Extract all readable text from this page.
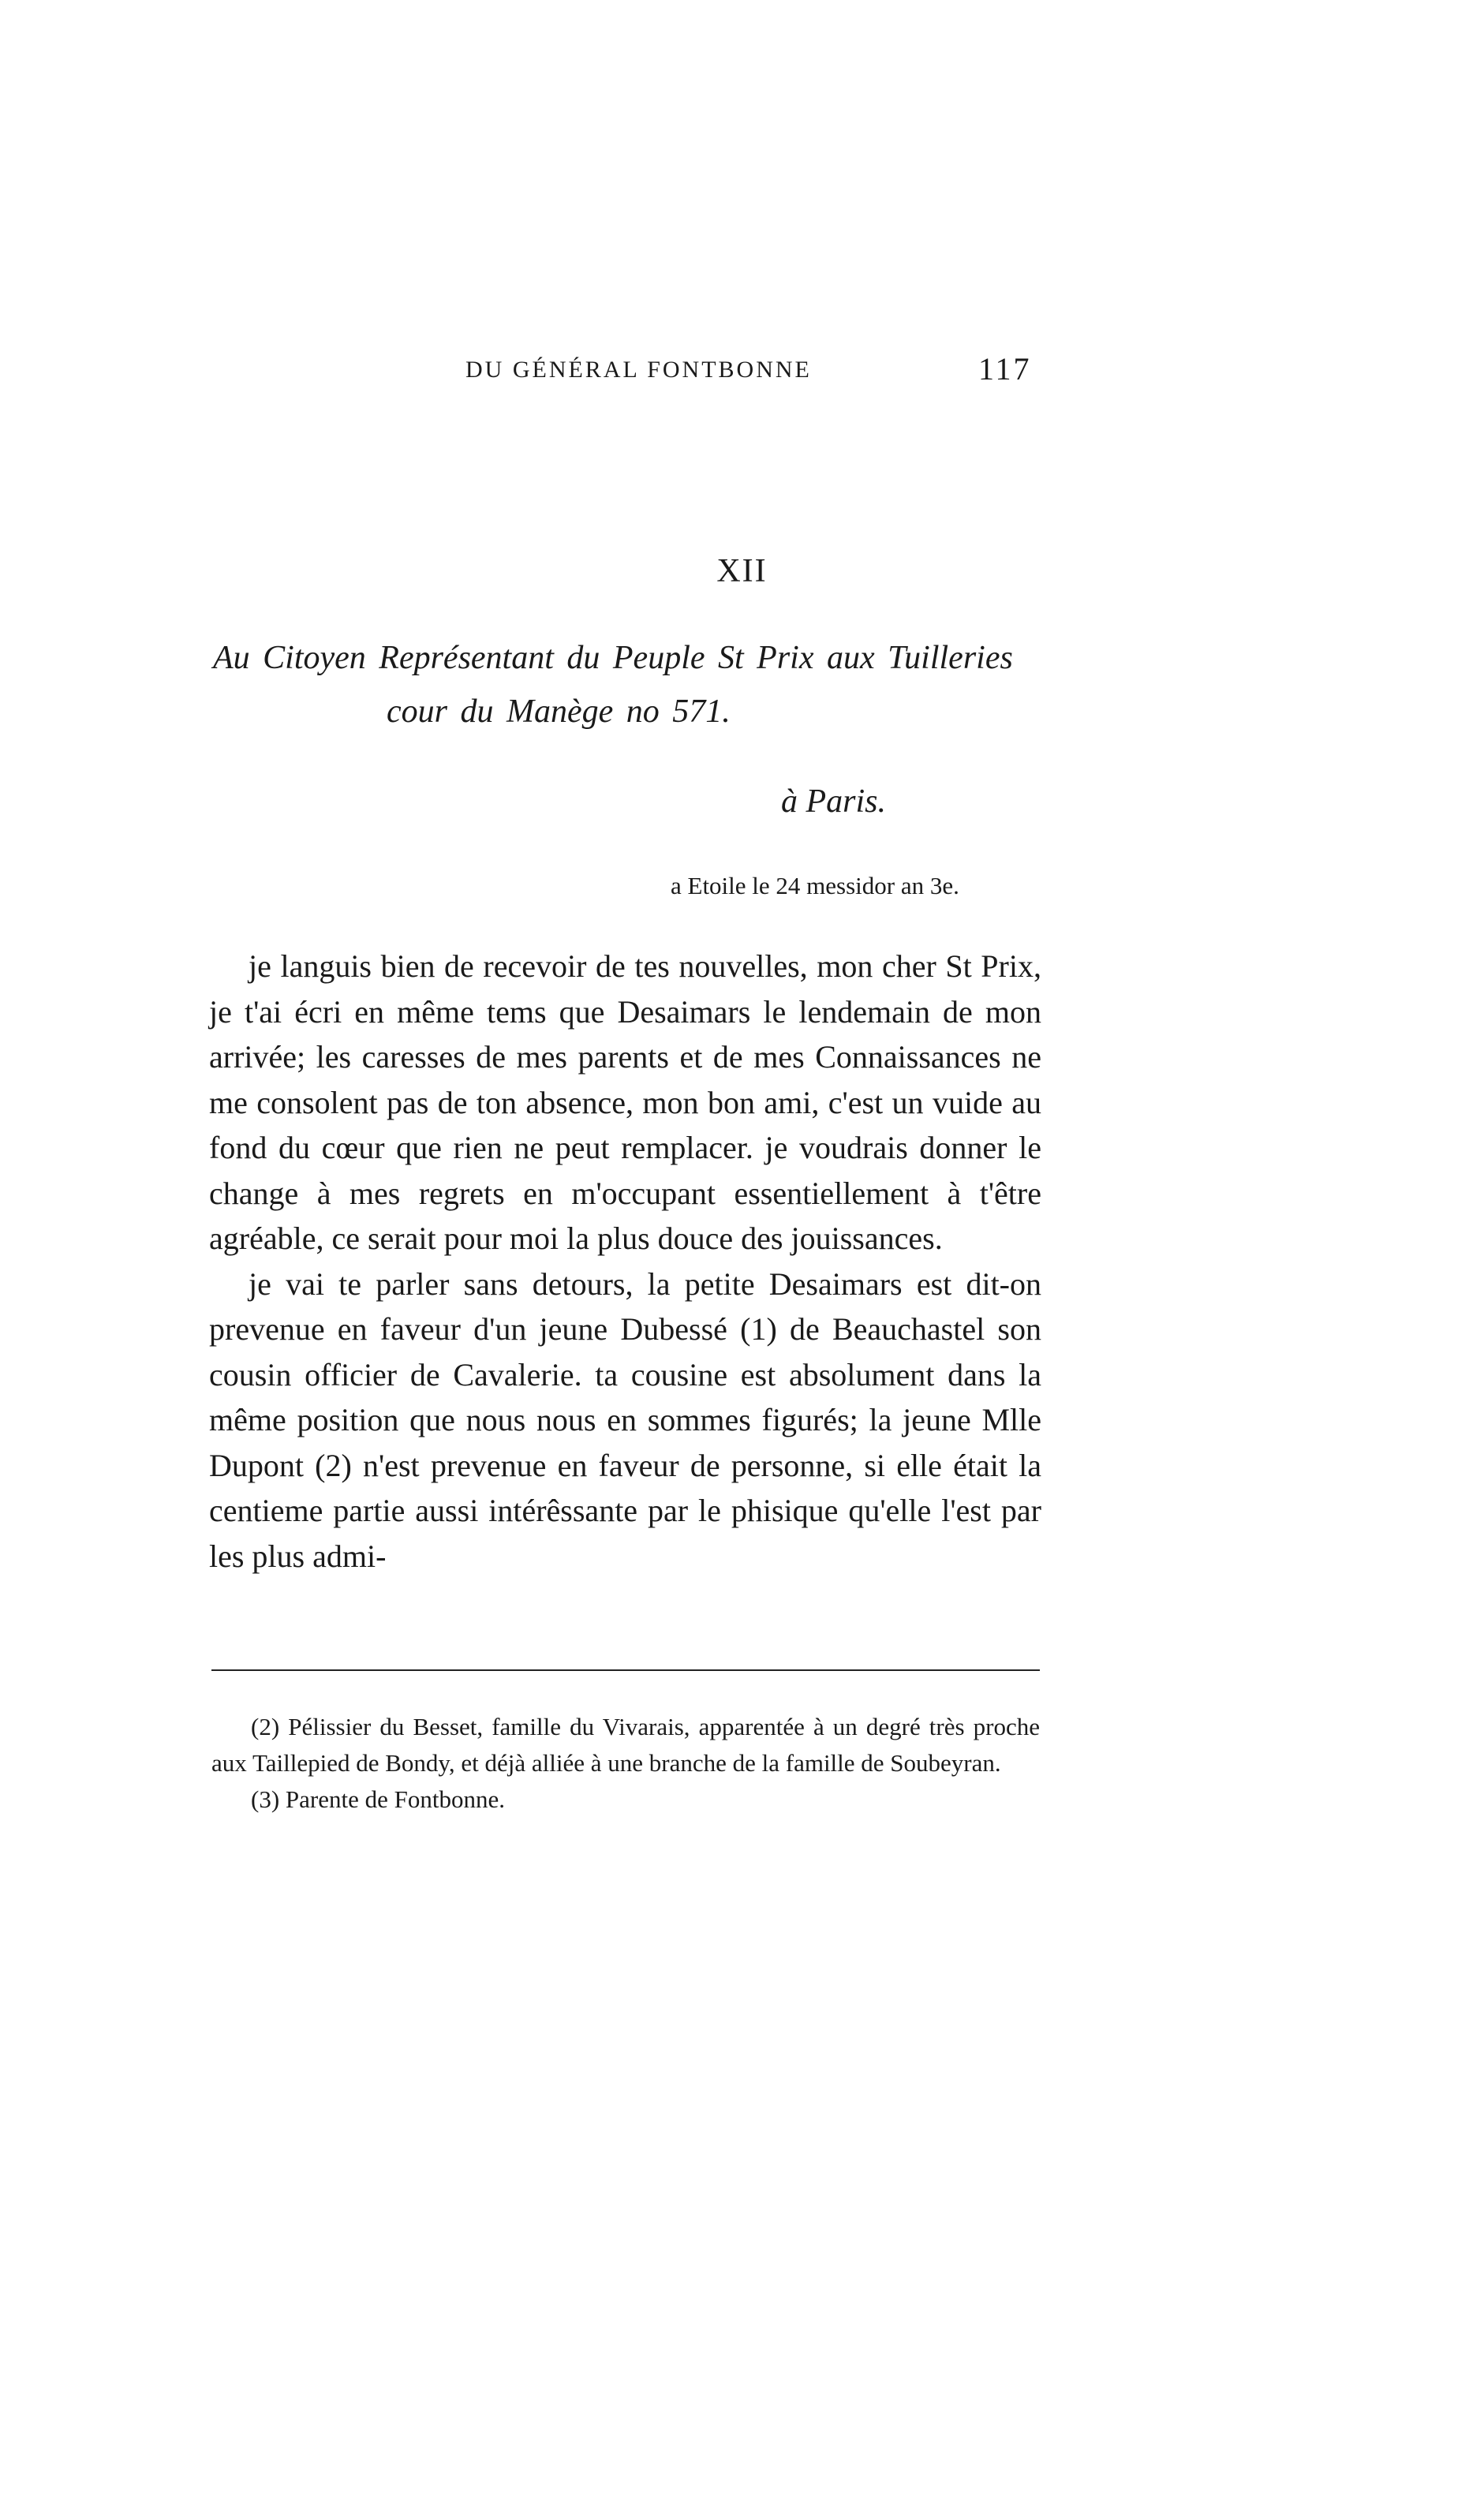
DU GÉNÉRAL FONTBONNE	117
XII
Au Citoyen Représentant du Peuple St Prix aux Tuilleries
cour du Manège no 571.
à Paris.
a Etoile le 24 messidor an 3e.

je languis bien de recevoir de tes nouvelles, mon cher St Prix, je t'ai écri en même tems que Desaimars le lendemain de mon arrivée; les caresses de mes parents et de mes Connaissances ne me consolent pas de ton absence, mon bon ami, c'est un vuide au fond du cœur que rien ne peut remplacer. je voudrais donner le change à mes regrets en m'occupant essentiellement à t'être agréable, ce serait pour moi la plus douce des jouissances.

je vai te parler sans detours, la petite Desaimars est dit-on prevenue en faveur d'un jeune Dubessé (1) de Beauchastel son cousin officier de Cavalerie. ta cousine est absolument dans la même position que nous nous en sommes figurés; la jeune Mlle Dupont (2) n'est prevenue en faveur de personne, si elle était la centieme partie aussi intérêssante par le phisique qu'elle l'est par les plus admi-

(2) Pélissier du Besset, famille du Vivarais, apparentée à un degré très proche aux Taillepied de Bondy, et déjà alliée à une branche de la famille de Soubeyran.

(3) Parente de Fontbonne.
